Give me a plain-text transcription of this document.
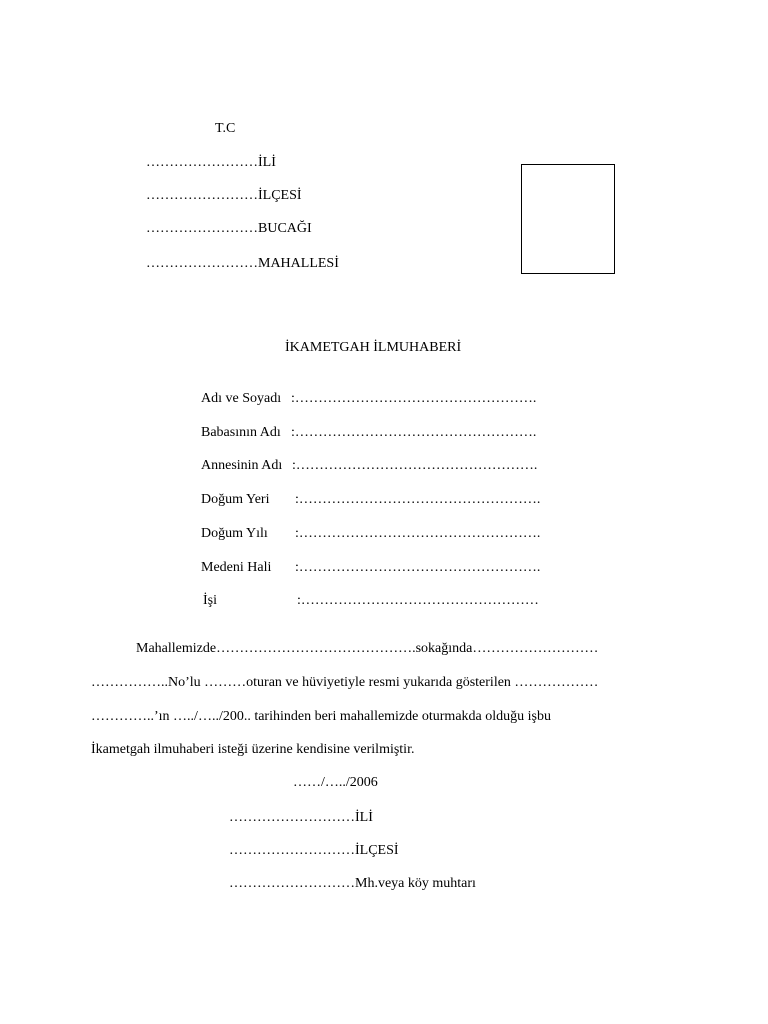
T.C
……………………İLİ
……………………İLÇESİ
……………………BUCAĞI
……………………MAHALLESİ
İKAMETGAH İLMUHABERİ
Adı ve Soyadı :…………………………………………….
Babasının Adı :…………………………………………….
Annesinin Adı :…………………………………………….
Doğum Yeri :…………………………………………….
Doğum Yılı :…………………………………………….
Medeni Hali :…………………………………………….
İşi	:……………………………………………
Mahallemizde…………………………………….sokağında………………………
……………..No’lu ………oturan ve hüviyetiyle resmi yukarıda gösterilen ………………
…………..’ın …../…../200.. tarihinden beri mahallemizde oturmakda olduğu işbu
İkametgah ilmuhaberi isteği üzerine kendisine verilmiştir.
……/…../2006
………………………İLİ
………………………İLÇESİ
………………………Mh.veya köy muhtarı
